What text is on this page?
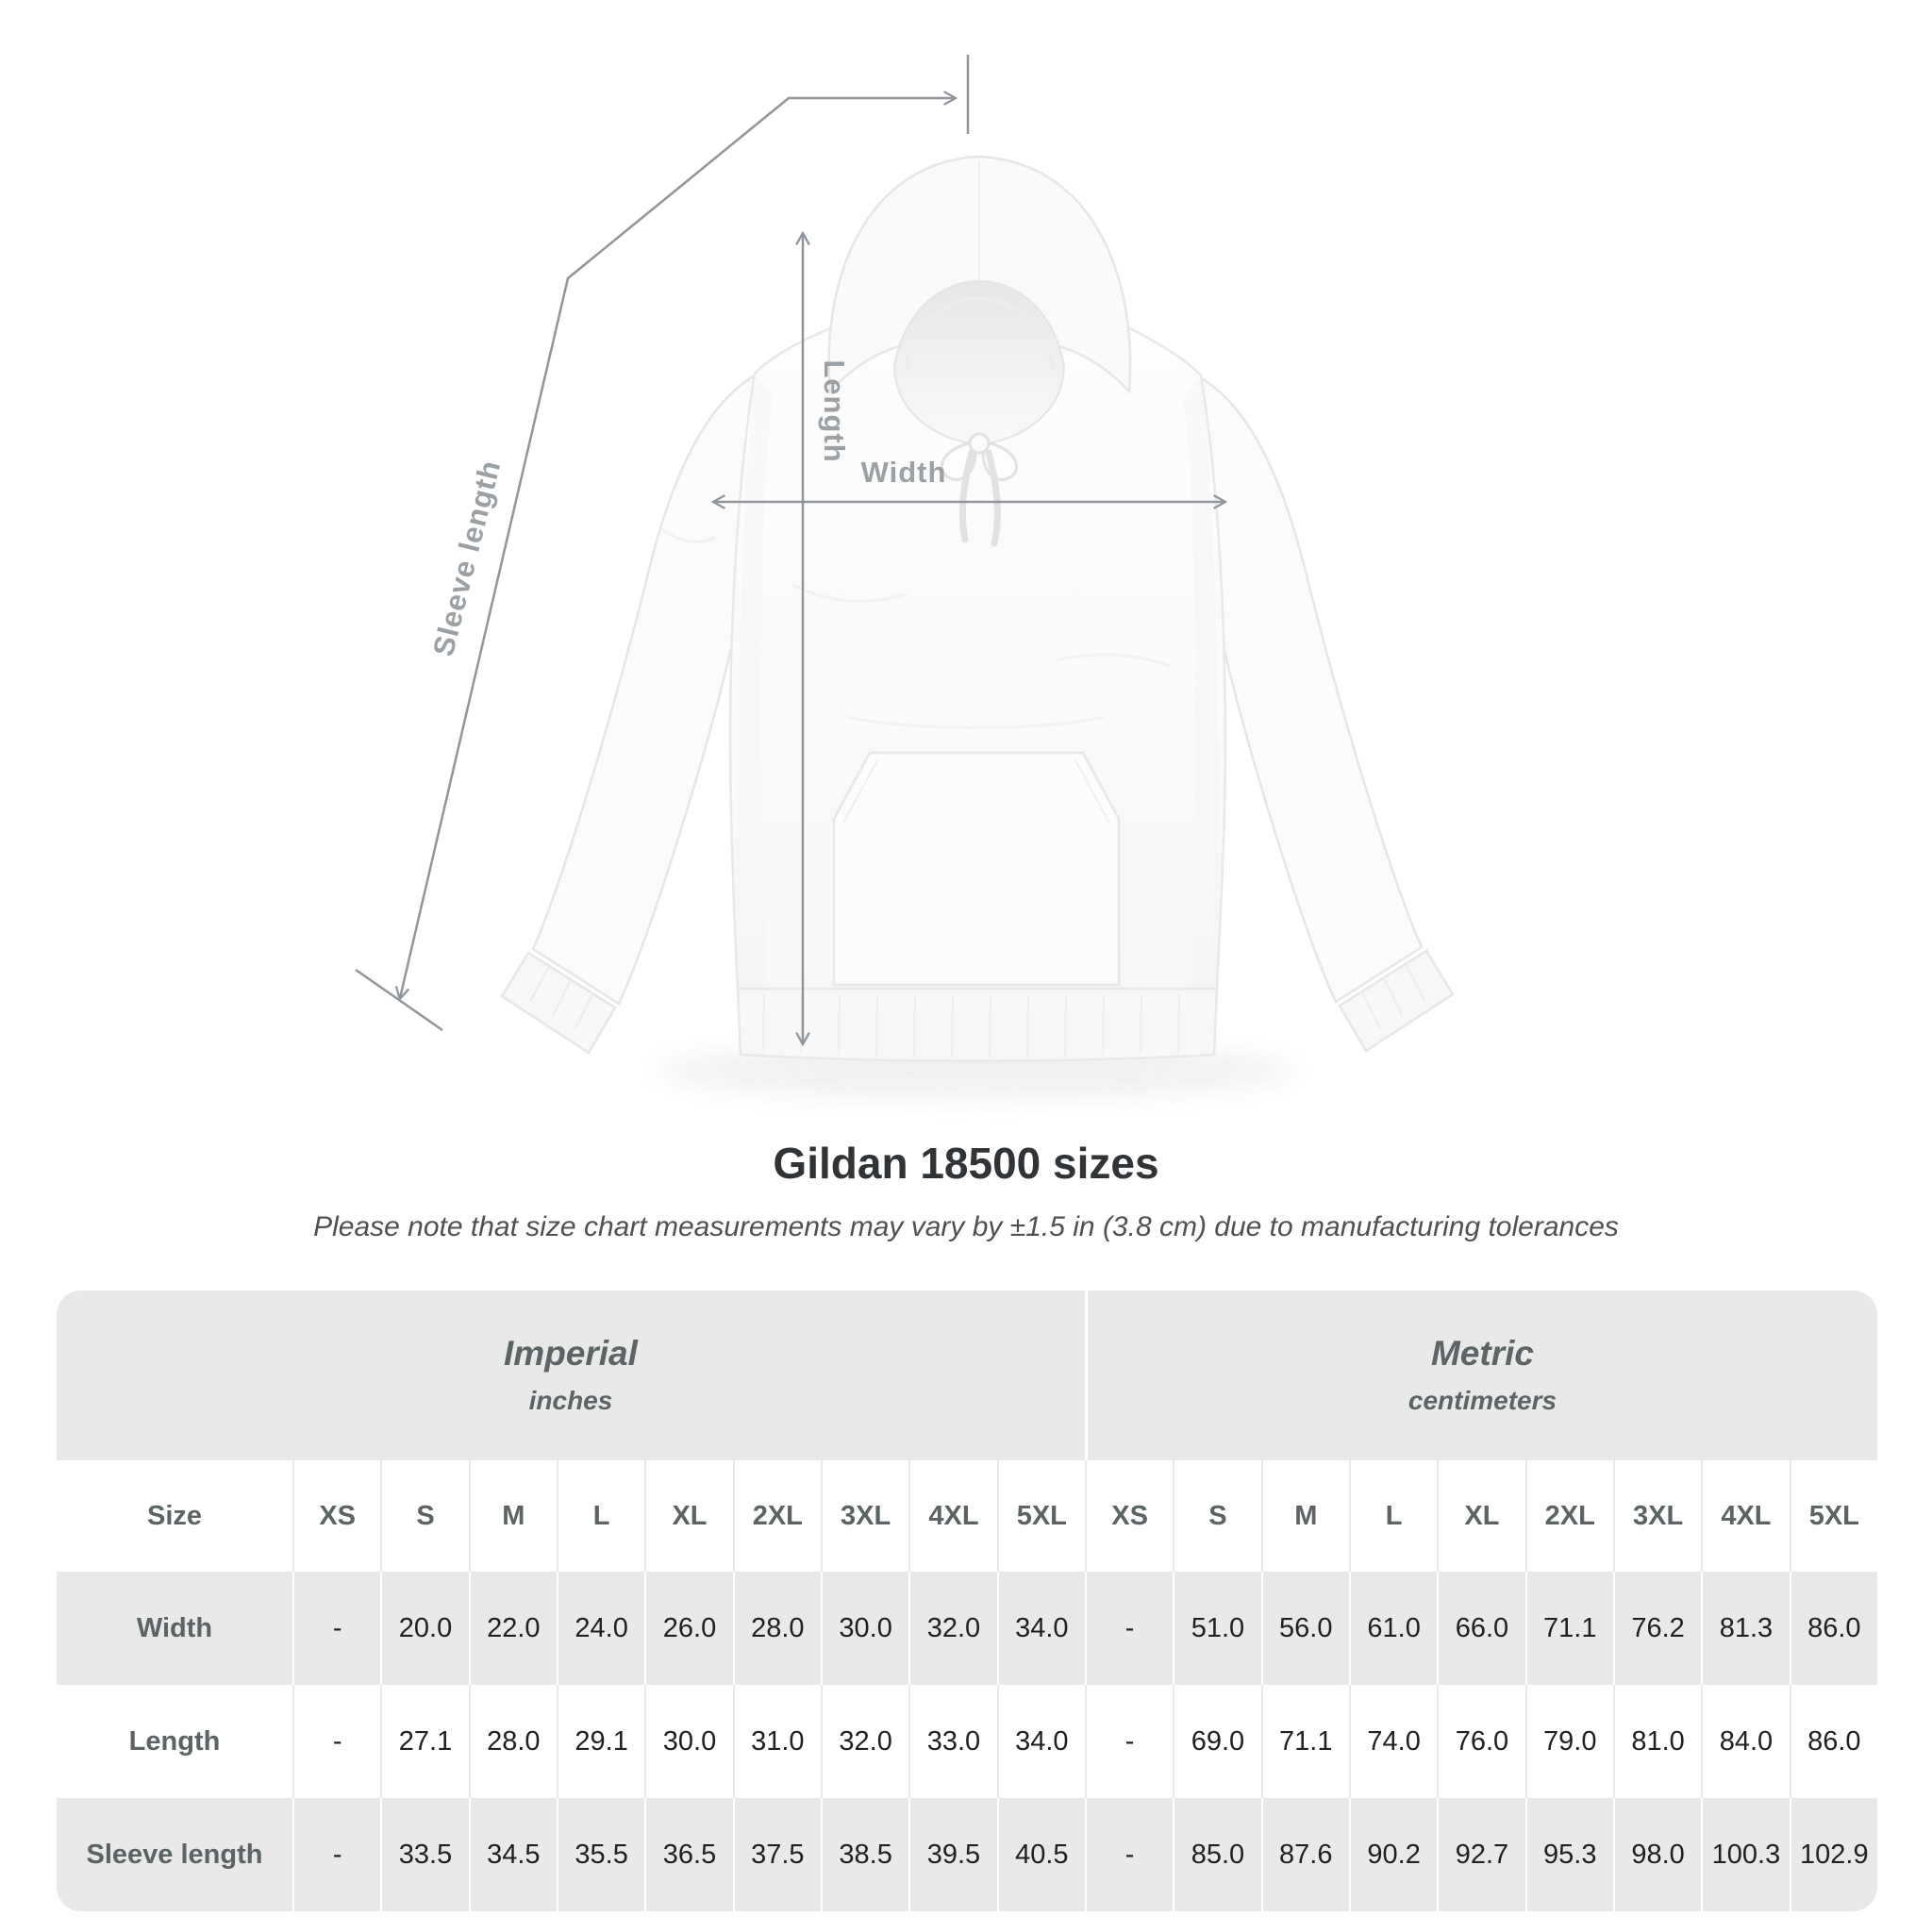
Width
Length
Sleeve length
Gildan 18500 sizes
Please note that size chart measurements may vary by ±1.5 in (3.8 cm) due to manufacturing tolerances
Imperial
inches

Metric
centimeters

Size	XS	S	M	L	XL	2XL	3XL	4XL	5XL	XS	S	M	L	XL	2XL	3XL	4XL	5XL
Width	-	20.0	22.0	24.0	26.0	28.0	30.0	32.0	34.0	-	51.0	56.0	61.0	66.0	71.1	76.2	81.3	86.0
Length	-	27.1	28.0	29.1	30.0	31.0	32.0	33.0	34.0	-	69.0	71.1	74.0	76.0	79.0	81.0	84.0	86.0
Sleeve length	-	33.5	34.5	35.5	36.5	37.5	38.5	39.5	40.5	-	85.0	87.6	90.2	92.7	95.3	98.0	100.3	102.9
